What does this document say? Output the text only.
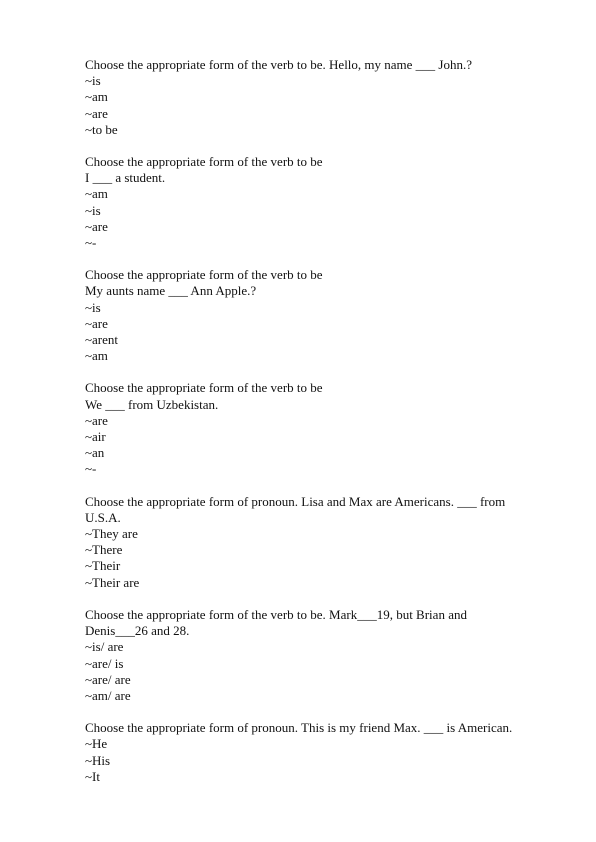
Choose the appropriate form of the verb to be. Hello, my name ___ John.?

~is

~am

~are

~to be

Choose the appropriate form of the verb to be
I ___ a student.

~am

~is

~are

~-

Choose the appropriate form of the verb to be
My aunts name ___ Ann Apple.?

~is

~are

~arent

~am

Choose the appropriate form of the verb to be
We ___ from Uzbekistan.

~are

~air

~an

~-

Choose the appropriate form of pronoun. Lisa and Max are Americans. ___ from
U.S.A.

~They are

~There

~Their

~Their are

Choose the appropriate form of the verb to be. Mark___19, but Brian and
Denis___26 and 28.

~is/ are

~are/ is

~are/ are

~am/ are

Choose the appropriate form of pronoun. This is my friend Max. ___ is American.

~He

~His

~It
